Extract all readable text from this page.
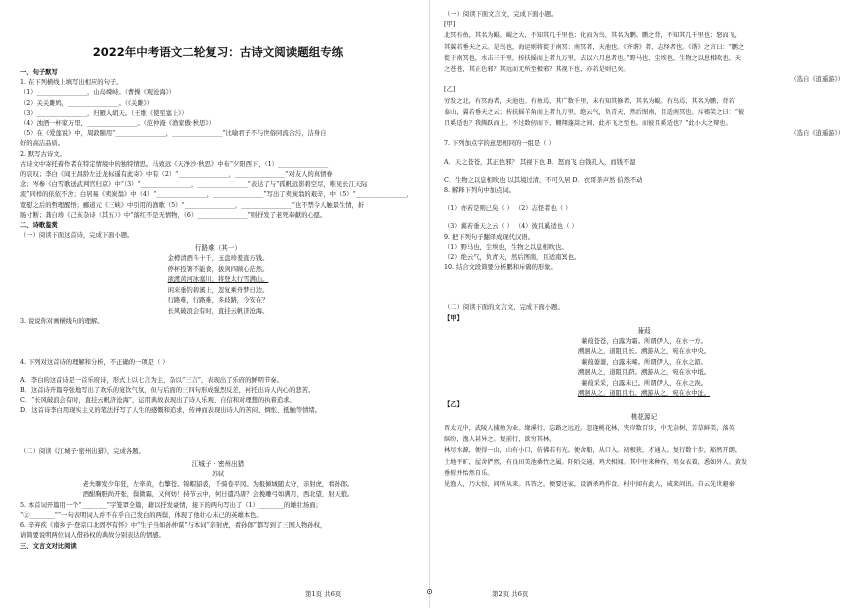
2022年中考语文二轮复习：古诗文阅读题组专练
一、句子默写
1. 在下列横线上填写出相应的句子。
（1）________________，山岛竦峙。（曹操《观沧海》）
（2）关关雎鸠，________________。（《关雎》）
（3）________________，归雁入胡天。（王维《使至塞上》）
（4）浊酒一杯家万里，________________。（范仲淹《渔家傲·秋思》）
（5）在《爱莲说》中，周敦颐用“________________，________________”比喻君子不与世俗同流合污，洁身自
好的高洁品质。
2. 默写古诗文。
古诗文中寄托着作者在特定情境中的独特情思。马致远《天净沙·秋思》中布“夕阳西下，（1）________________
的哀叹；李白《闻王昌龄左迁龙标遥有此寄》中有（2）“________________，________________”对友人的真情眷
念；岑参《白雪歌送武判官归京》中“（3）“________________，________________”表达了与“孤帆远影碧空尽，唯见长江天际
流”同样的依依不舍；白居易《卖炭翁》中（4）“________________，________________”写出了卖炭翁的艰辛，中（5）“________________，
宽慰之后的哲理醒悟；郦道元《三峡》中引用的渔歌（5）“________________，________________”也不禁令人触景生情，折
肠寸断；龚自珍《己亥杂诗（其五）》中“落红不是无情物，（6）________________”则抒发了老死奉献的心愿。
二、诗歌鉴赏
（一）阅读下面这首诗，完成下面小题。
行路难（其一）
金樽清酒斗十千，玉盘珍羞直万钱。
停杯投箸不能食，拔剑四顾心茫然。
欲渡黄河冰塞川，将登太行雪满山。
闲来垂钓碧溪上，忽复乘舟梦日边。
行路难，行路难，多歧路，今安在？
长风破浪会有时，直挂云帆济沧海。
3. 说说你对画横线句的理解。
4. 下列对这首诗的理解和分析，不正确的一项是（ ）
A．李白的这首诗是一首乐府诗，形式上以七言为主，杂以“三言”，表现出了乐府的鲜明节奏。
B．这首诗开篇夸张地写出了欢乐的宴饮气氛，但与后面的三四句形成强烈反差，衬托出诗人内心的悲苦。
C．“长风破浪会有时，直挂云帆济沧海”，运用典故表现出了诗人乐观、自信和对理想的执着追求。
D．这首诗李白用现实主义的笔法抒写了人生的感慨和追求，传神而表现出诗人的苦闷、惆怅、抵触等情绪。
（二）阅读《江城子·密州出猎》，完成各题。
江城子 · 密州出猎
苏轼
老夫聊发少年狂，左牵黄，右擎苍。锦帽貂裘，千骑卷平冈。为报倾城随太守，亲射虎，看孙郎。
酒酣胸胆尚开张，鬓微霜，又何妨！持节云中，何日遣冯唐？会挽雕弓如满月，西北望，射天狼。
5. 本首词开篇用一个“________”字笼罩全篇，藉以抒发豪情，接下的两句写出了（1）________的雄壮场面；
“②________”“一句表明词人并不在乎自己发白的两鬓，体现了他壮心未已的英雄本色。
6. 辛弃疾《南乡子·登京口北固亭有怀》中“生子当如孙仲谋”与本词“亲射虎，看孙郎”都写到了三国人物孙权，
请简要说明两位词人借孙权的典故分别表达的情感。
三、文言文对比阅读
（一）阅读下面文言文，完成下面小题。
[甲]
北冥有鱼，其名为鲲。鲲之大，不知其几千里也；化而为鸟，其名为鹏。鹏之背，不知其几千里也；怒而飞，
其翼若垂天之云。是鸟也，海运则将徙于南冥：南冥者，天池也。《齐谐》者，志怪者也。《谐》之言曰：“鹏之
徙于南冥也，水击三千里，抟扶摇而上者九万里，去以六月息者也。”野马也，尘埃也，生物之以息相吹也。天
之苍苍，其正色邪？其远而无所至极邪？其视下也，亦若是则已矣。
（选自《逍遥游》）
[乙]
穷发之北，有冥海者，天池也。有鱼焉，其广数千里，未有知其修者，其名为鲲。有鸟焉，其名为鹏，背若
泰山，翼若垂天之云；抟扶摇羊角而上者九万里，绝云气，负青天，然后图南，且适南冥也。斥鴳笑之曰：“彼
且奚适也？我腾跃而上，不过数仞而下，翱翔蓬蒿之间，此亦飞之至也。而彼且奚适也？”此小大之辩也。
（选自《逍遥游》）
7. 下列加点字的意思相同的一组是（ ）
A．天之苍苍，其正色邪？ 其视下也 B．怒而飞 白钱孔入，而钱不湿
C．生物之以息相吹也 以其境过清，不可久居 D．衣哥茶声然 伯然不动
8. 解释下列句中加点词。
（1）亦若是则已矣（ ） （2）志怪者也（ ）
（3）翼若垂天之云（ ） （4）彼且奚适也（ ）
9. 把下列句子翻译成现代汉语。
（1）野马也，尘埃也，生物之以息相吹也。
（2）绝云气，负青天，然后图南，且适南冥也。
10. 结合文段简要分析鹏和斥鴳的形象。
（二）阅读下面的文言文，完成下面小题。
【甲】
蒹葭
蒹葭苍苍，白露为霜。所谓伊人，在水一方。
溯洄从之，道阻且长。溯游从之，宛在水中央。
蒹葭萋萋，白露未晞。所谓伊人，在水之湄。
溯洄从之，道阻且跻。溯游从之，宛在水中坻。
蒹葭采采，白露未已。所谓伊人，在水之涘。
溯洄从之，道阻且右。溯游从之，宛在水中沚。
【乙】
桃花源记
晋太元中，武陵人捕鱼为业。缘溪行，忘路之远近。忽逢桃花林，夹岸数百步，中无杂树，芳草鲜美，落英
缤纷，渔人甚异之。复前行，欲穷其林。
林尽水源，便得一山，山有小口，仿佛若有光。便舍船，从口入。初极狭，才通人。复行数十步，豁然开朗。
土地平旷，屋舍俨然，有良田美池桑竹之属。阡陌交通，鸡犬相闻。其中往来种作，男女衣着，悉如外人。黄发
垂髫并怡然自乐。
见渔人，乃大惊，问所从来。具答之。便要还家，设酒杀鸡作食。村中闻有此人，咸来问讯。自云先世避秦
第1页 共6页	⊙	第2页 共6页
